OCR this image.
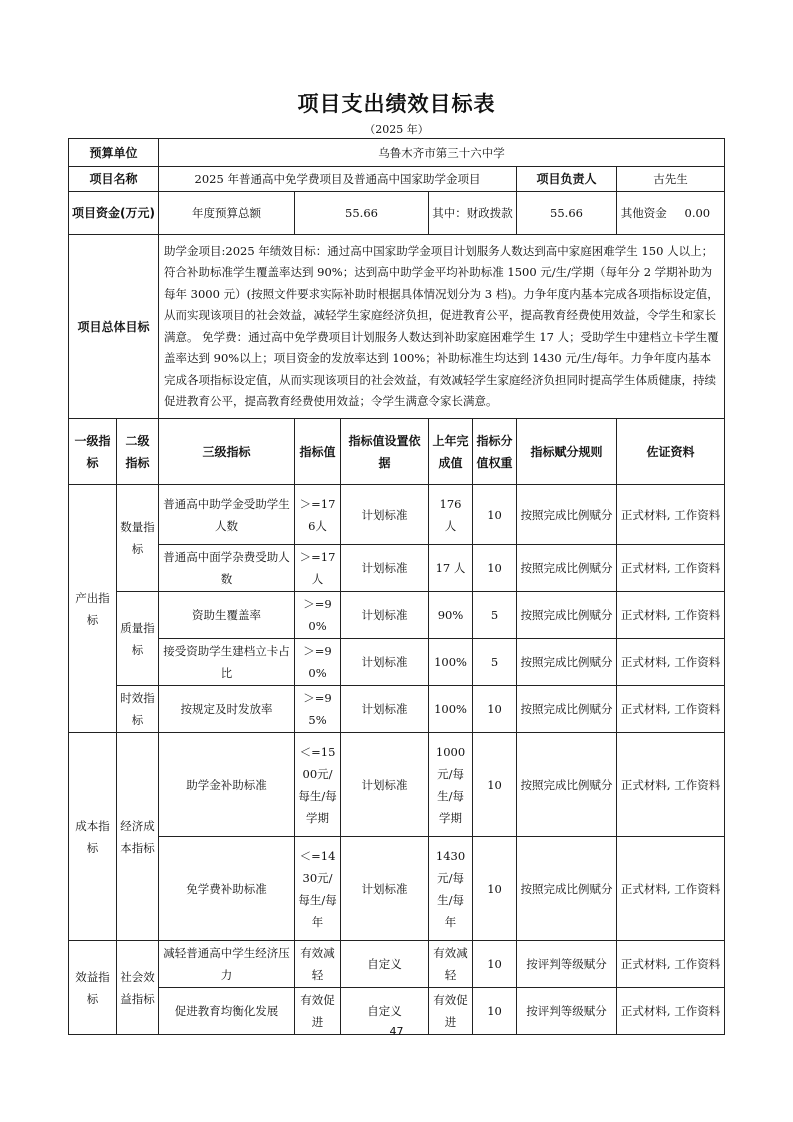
项目支出绩效目标表
（2025 年）
预算单位		乌鲁木齐市第三十六中学						
项目名称		2025 年普通高中免学费项目及普通高中国家助学金项目					项目负责人	古先生
项目资金(万元)		年度预算总额	55.66		其中：财政拨款		55.66	其他资金 0.00

项目总体目标		助学金项目:2025 年绩效目标：通过高中国家助学金项目计划服务人数达到高中家庭困难学生 150 人以上；符合补助标准学生覆盖率达到 90%；达到高中助学金平均补助标准 1500 元/生/学期（每年分 2 学期补助为每年 3000 元）(按照文件要求实际补助时根据具体情况划分为 3 档)。力争年度内基本完成各项指标设定值，从而实现该项目的社会效益，减轻学生家庭经济负担，促进教育公平，提高教育经费使用效益，令学生和家长满意。 免学费：通过高中免学费项目计划服务人数达到补助家庭困难学生 17 人；受助学生中建档立卡学生覆盖率达到 90%以上；项目资金的发放率达到 100%；补助标准生均达到 1430 元/生/每年。力争年度内基本完成各项指标设定值，从而实现该项目的社会效益，有效减轻学生家庭经济负担同时提高学生体质健康，持续促进教育公平，提高教育经费使用效益；令学生满意令家长满意。						
一级指标	二级指标	三级指标	指标值	指标值设置依据	上年完成值	指标分值权重	指标赋分规则	佐证资料
产出指标	数量指标	普通高中助学金受助学生人数	＞=176人	计划标准	176 人	10	按照完成比例赋分	正式材料, 工作资料
		普通高中面学杂费受助人数	＞=17人	计划标准	17 人	10	按照完成比例赋分	正式材料, 工作资料
	质量指标	资助生覆盖率	＞=90%	计划标准	90%	5	按照完成比例赋分	正式材料, 工作资料
		接受资助学生建档立卡占比	＞=90%	计划标准	100%	5	按照完成比例赋分	正式材料, 工作资料
	时效指标	按规定及时发放率	＞=95%	计划标准	100%	10	按照完成比例赋分	正式材料, 工作资料
成本指标	经济成本指标	助学金补助标准	＜=1500元/每生/每学期	计划标准	1000元/每生/每学期	10	按照完成比例赋分	正式材料, 工作资料
		免学费补助标准	＜=1430元/每生/每年	计划标准	1430元/每生/每年	10	按照完成比例赋分	正式材料, 工作资料
效益指标	社会效益指标	减轻普通高中学生经济压力	有效减轻	自定义	有效减轻	10	按评判等级赋分	正式材料, 工作资料
		促进教育均衡化发展	有效促进	自定义	有效促进	10	按评判等级赋分	正式材料, 工作资料
47
